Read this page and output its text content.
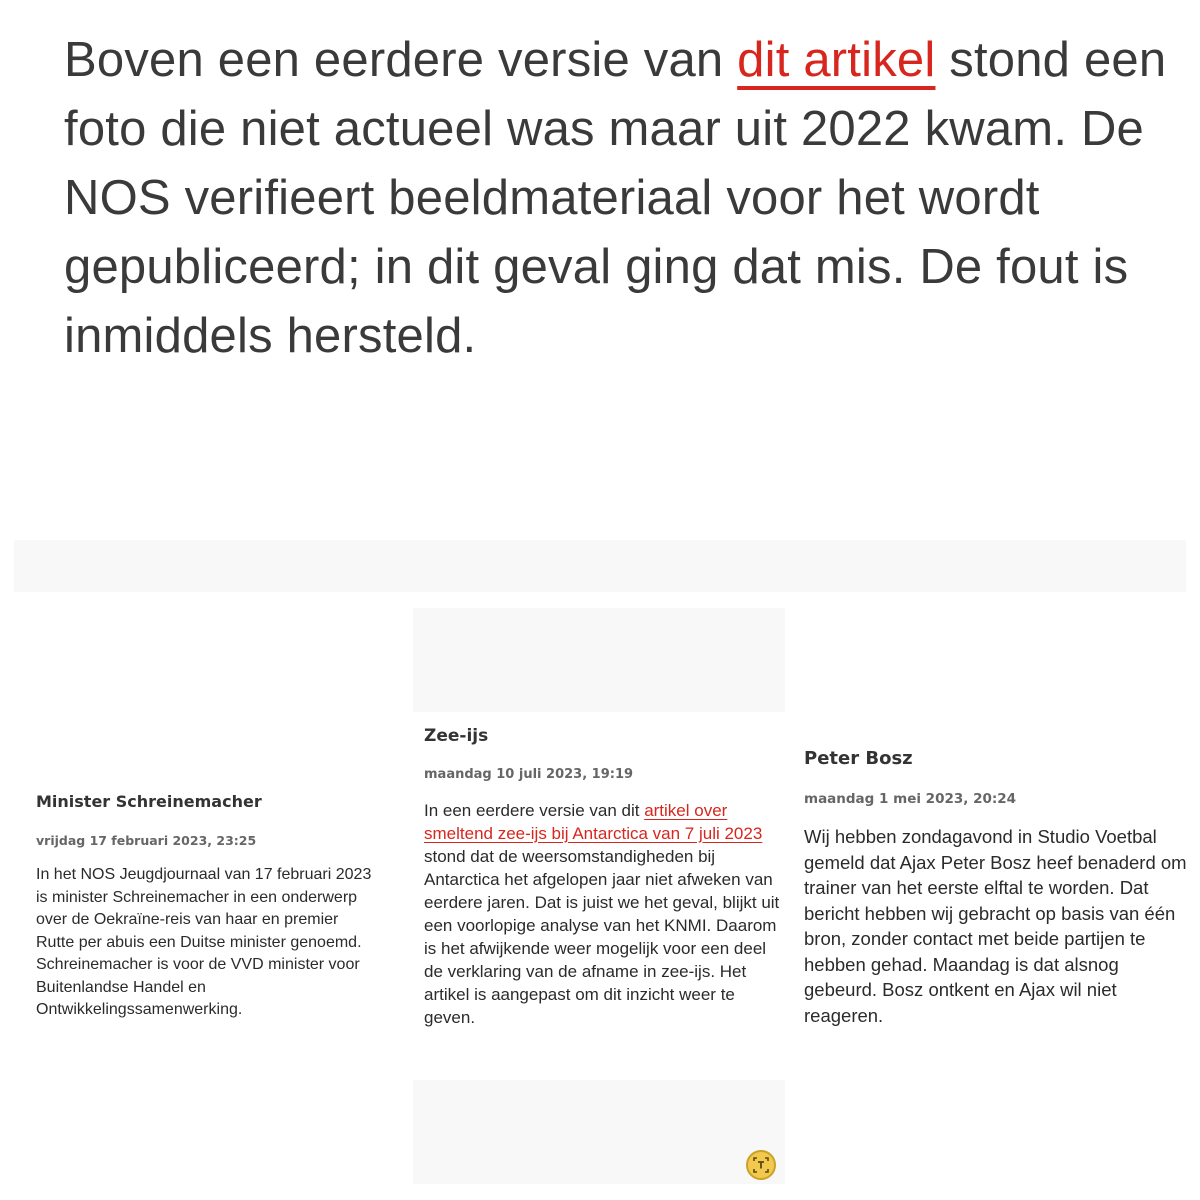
Boven een eerdere versie van dit artikel stond een foto die niet actueel was maar uit 2022 kwam. De NOS verifieert beeldmateriaal voor het wordt gepubliceerd; in dit geval ging dat mis. De fout is inmiddels hersteld.
Minister Schreinemacher
vrijdag 17 februari 2023, 23:25

In het NOS Jeugdjournaal van 17 februari 2023 is minister Schreinemacher in een onderwerp over de Oekraïne-reis van haar en premier Rutte per abuis een Duitse minister genoemd. Schreinemacher is voor de VVD minister voor Buitenlandse Handel en Ontwikkelingssamenwerking.

Zee-ijs
maandag 10 juli 2023, 19:19

In een eerdere versie van dit artikel over smeltend zee-ijs bij Antarctica van 7 juli 2023 stond dat de weersomstandigheden bij Antarctica het afgelopen jaar niet afweken van eerdere jaren. Dat is juist we het geval, blijkt uit een voorlopige analyse van het KNMI. Daarom is het afwijkende weer mogelijk voor een deel de verklaring van de afname in zee-ijs. Het artikel is aangepast om dit inzicht weer te geven.

Peter Bosz
maandag 1 mei 2023, 20:24

Wij hebben zondagavond in Studio Voetbal gemeld dat Ajax Peter Bosz heef benaderd om trainer van het eerste elftal te worden. Dat bericht hebben wij gebracht op basis van één bron, zonder contact met beide partijen te hebben gehad. Maandag is dat alsnog gebeurd. Bosz ontkent en Ajax wil niet reageren.
